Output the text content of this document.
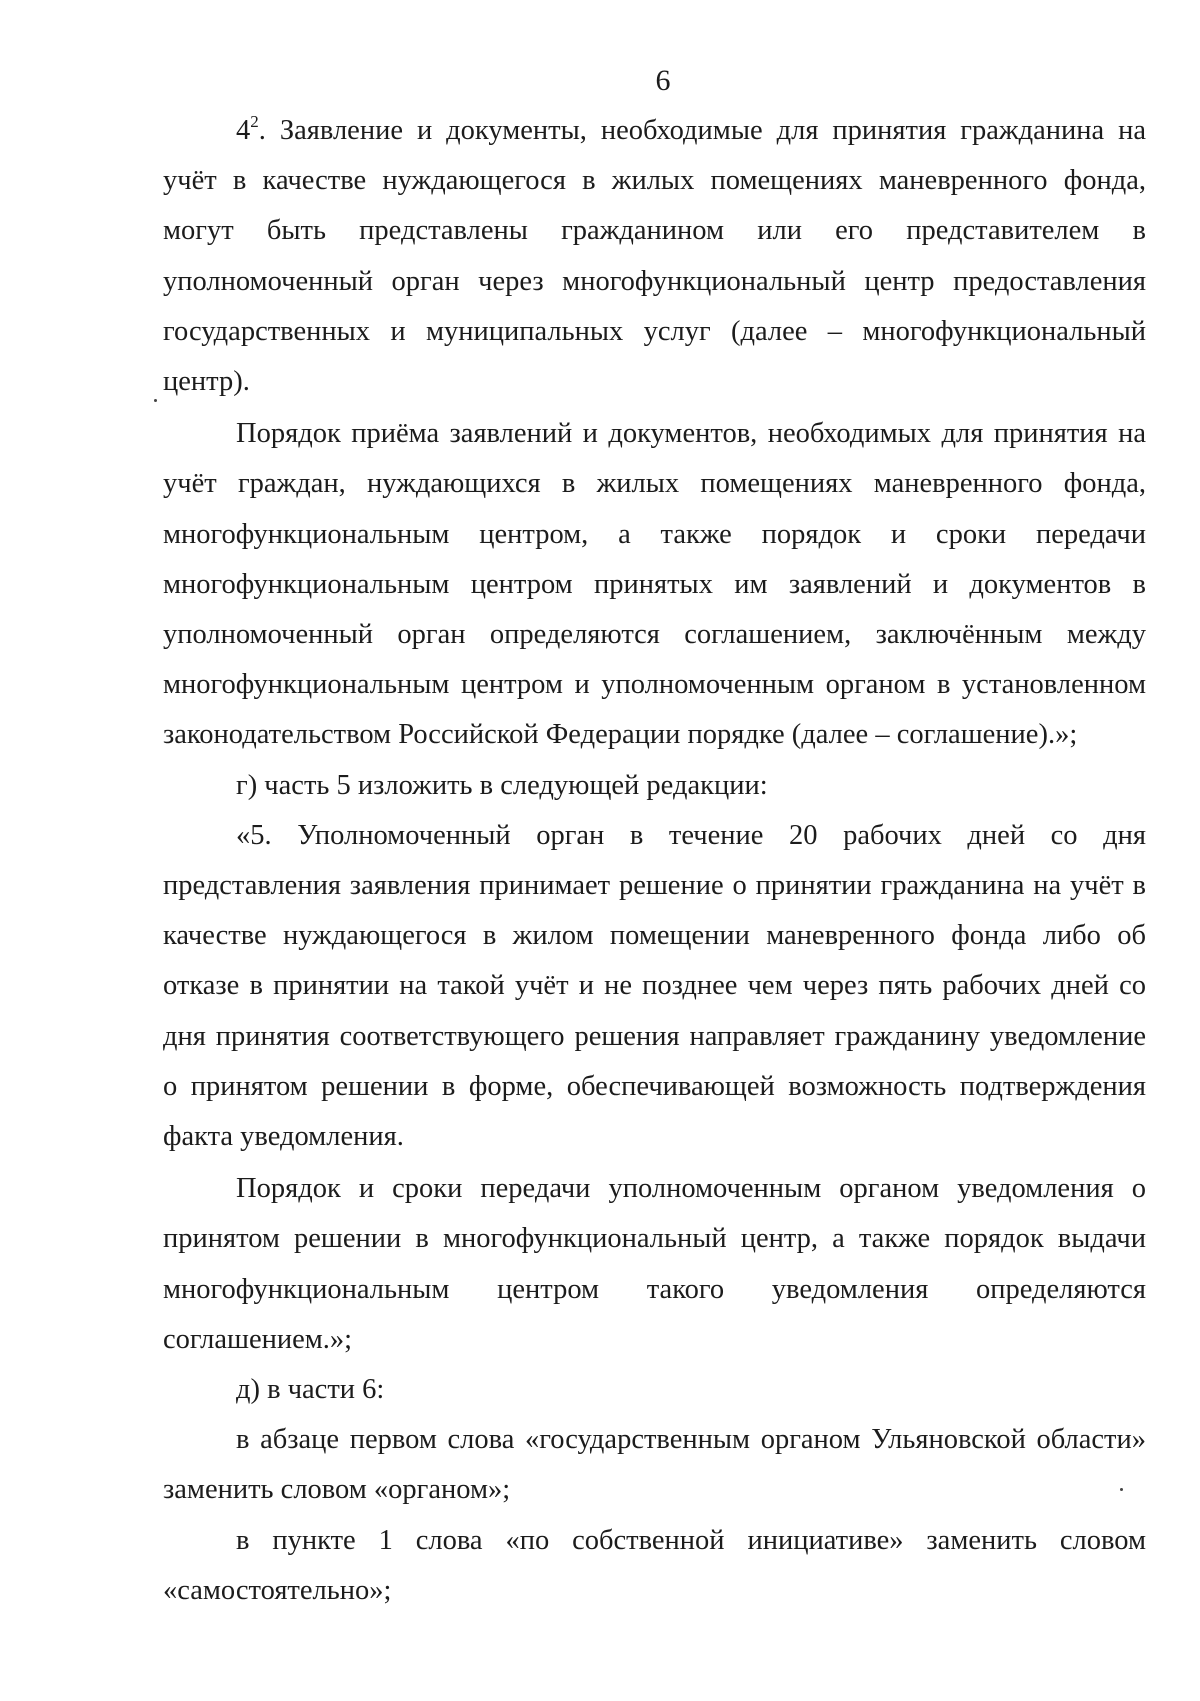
6

$4^2$. Заявление и документы, необходимые для принятия гражданина на учёт в качестве нуждающегося в жилых помещениях маневренного фонда, могут быть представлены гражданином или его представителем в уполномоченный орган через многофункциональный центр предоставления государственных и муниципальных услуг (далее – многофункциональный центр).

Порядок приёма заявлений и документов, необходимых для принятия на учёт граждан, нуждающихся в жилых помещениях маневренного фонда, многофункциональным центром, а также порядок и сроки передачи многофункциональным центром принятых им заявлений и документов в уполномоченный орган определяются соглашением, заключённым между многофункциональным центром и уполномоченным органом в установленном законодательством Российской Федерации порядке (далее – соглашение).»;

г) часть 5 изложить в следующей редакции:

«5. Уполномоченный орган в течение 20 рабочих дней со дня представления заявления принимает решение о принятии гражданина на учёт в качестве нуждающегося в жилом помещении маневренного фонда либо об отказе в принятии на такой учёт и не позднее чем через пять рабочих дней со дня принятия соответствующего решения направляет гражданину уведомление о принятом решении в форме, обеспечивающей возможность подтверждения факта уведомления.

Порядок и сроки передачи уполномоченным органом уведомления о принятом решении в многофункциональный центр, а также порядок выдачи многофункциональным центром такого уведомления определяются соглашением.»;

д) в части 6:

в абзаце первом слова «государственным органом Ульяновской области» заменить словом «органом»;

в пункте 1 слова «по собственной инициативе» заменить словом «самостоятельно»;
